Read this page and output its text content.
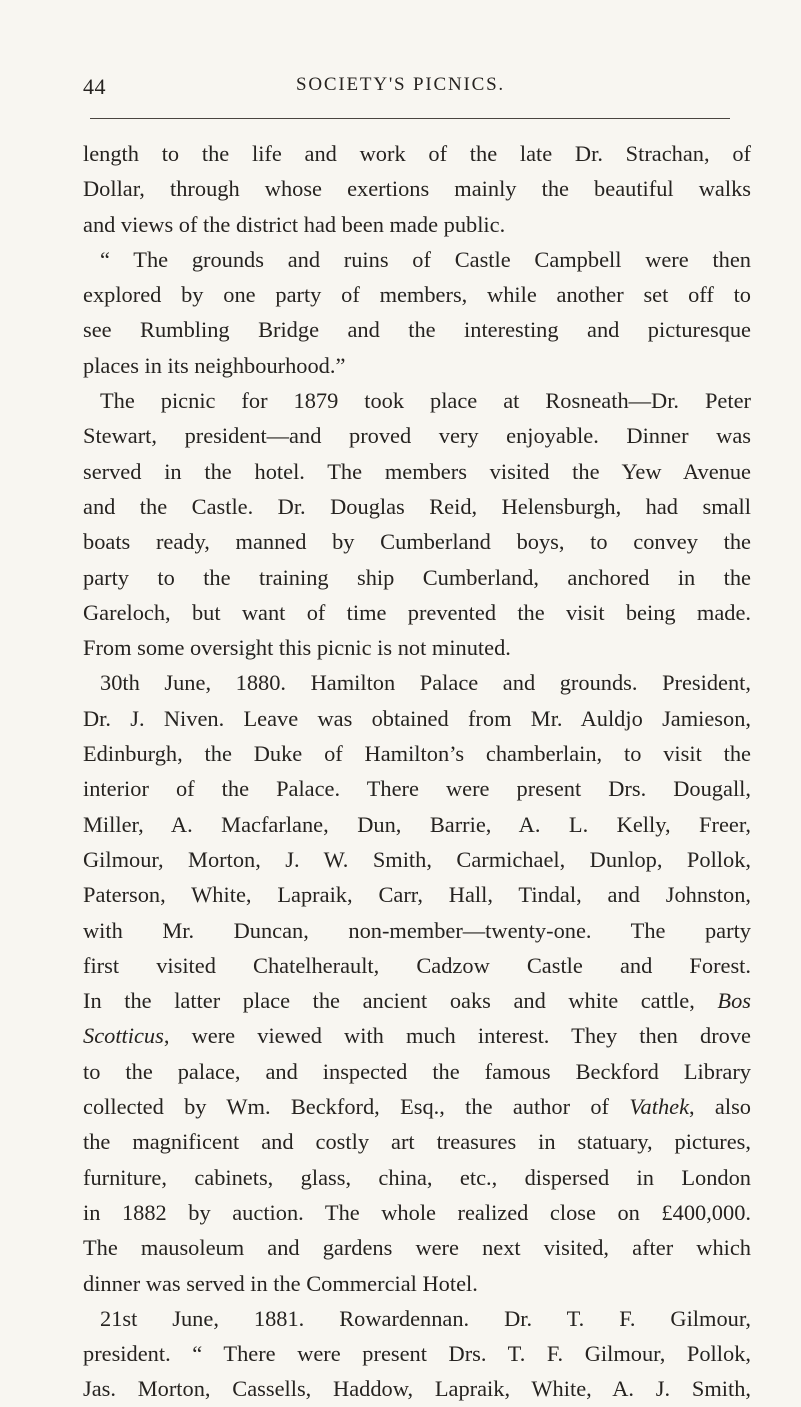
44	SOCIETY'S PICNICS.
length to the life and work of the late Dr. Strachan, of
Dollar, through whose exertions mainly the beautiful walks
and views of the district had been made public.
“ The grounds and ruins of Castle Campbell were then
explored by one party of members, while another set off to
see Rumbling Bridge and the interesting and picturesque
places in its neighbourhood.”
The picnic for 1879 took place at Rosneath—Dr. Peter
Stewart, president—and proved very enjoyable. Dinner was
served in the hotel. The members visited the Yew Avenue
and the Castle. Dr. Douglas Reid, Helensburgh, had small
boats ready, manned by Cumberland boys, to convey the
party to the training ship Cumberland, anchored in the
Gareloch, but want of time prevented the visit being made.
From some oversight this picnic is not minuted.
30th June, 1880. Hamilton Palace and grounds. President,
Dr. J. Niven. Leave was obtained from Mr. Auldjo Jamieson,
Edinburgh, the Duke of Hamilton’s chamberlain, to visit the
interior of the Palace. There were present Drs. Dougall,
Miller, A. Macfarlane, Dun, Barrie, A. L. Kelly, Freer,
Gilmour, Morton, J. W. Smith, Carmichael, Dunlop, Pollok,
Paterson, White, Lapraik, Carr, Hall, Tindal, and Johnston,
with Mr. Duncan, non-member—twenty-one. The party
first visited Chatelherault, Cadzow Castle and Forest.
In the latter place the ancient oaks and white cattle, Bos
Scotticus, were viewed with much interest. They then drove
to the palace, and inspected the famous Beckford Library
collected by Wm. Beckford, Esq., the author of Vathek, also
the magnificent and costly art treasures in statuary, pictures,
furniture, cabinets, glass, china, etc., dispersed in London
in 1882 by auction. The whole realized close on £400,000.
The mausoleum and gardens were next visited, after which
dinner was served in the Commercial Hotel.
21st June, 1881. Rowardennan. Dr. T. F. Gilmour,
president. “ There were present Drs. T. F. Gilmour, Pollok,
Jas. Morton, Cassells, Haddow, Lapraik, White, A. J. Smith,
